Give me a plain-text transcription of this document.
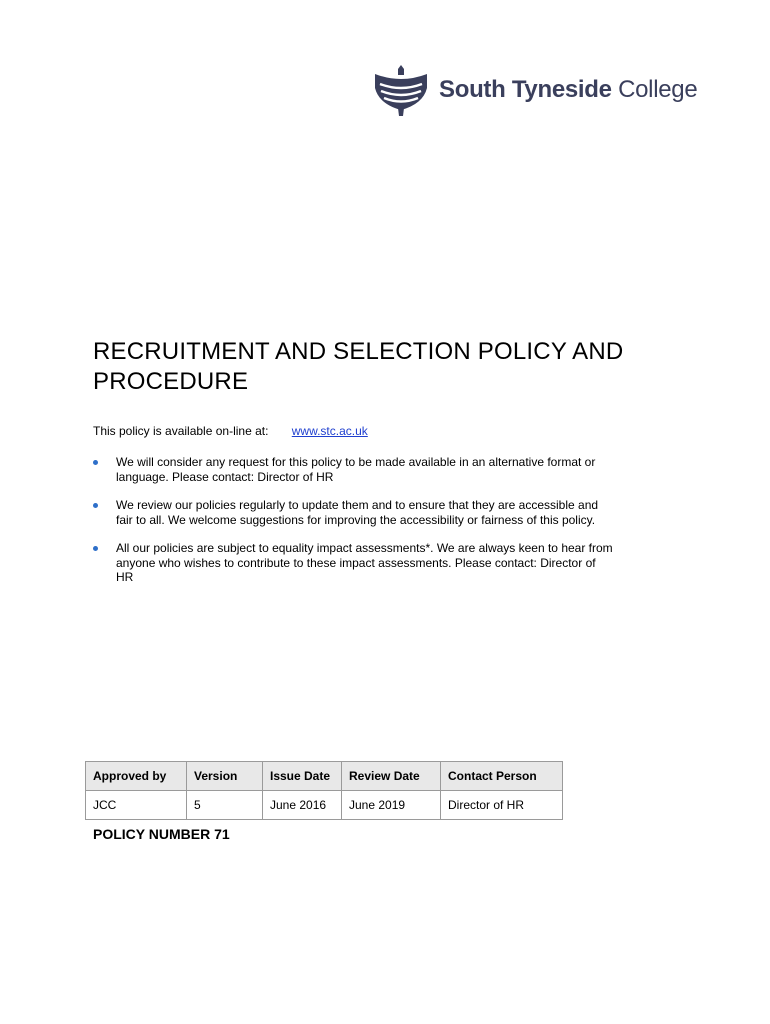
South Tyneside College
RECRUITMENT AND SELECTION POLICY AND PROCEDURE
This policy is available on-line at: www.stc.ac.uk
We will consider any request for this policy to be made available in an alternative format or language. Please contact: Director of HR
We review our policies regularly to update them and to ensure that they are accessible and fair to all. We welcome suggestions for improving the accessibility or fairness of this policy.
All our policies are subject to equality impact assessments*. We are always keen to hear from anyone who wishes to contribute to these impact assessments. Please contact: Director of HR
Approved by	Version	Issue Date	Review Date	Contact Person
JCC	5	June 2016	June 2019	Director of HR
POLICY NUMBER 71
